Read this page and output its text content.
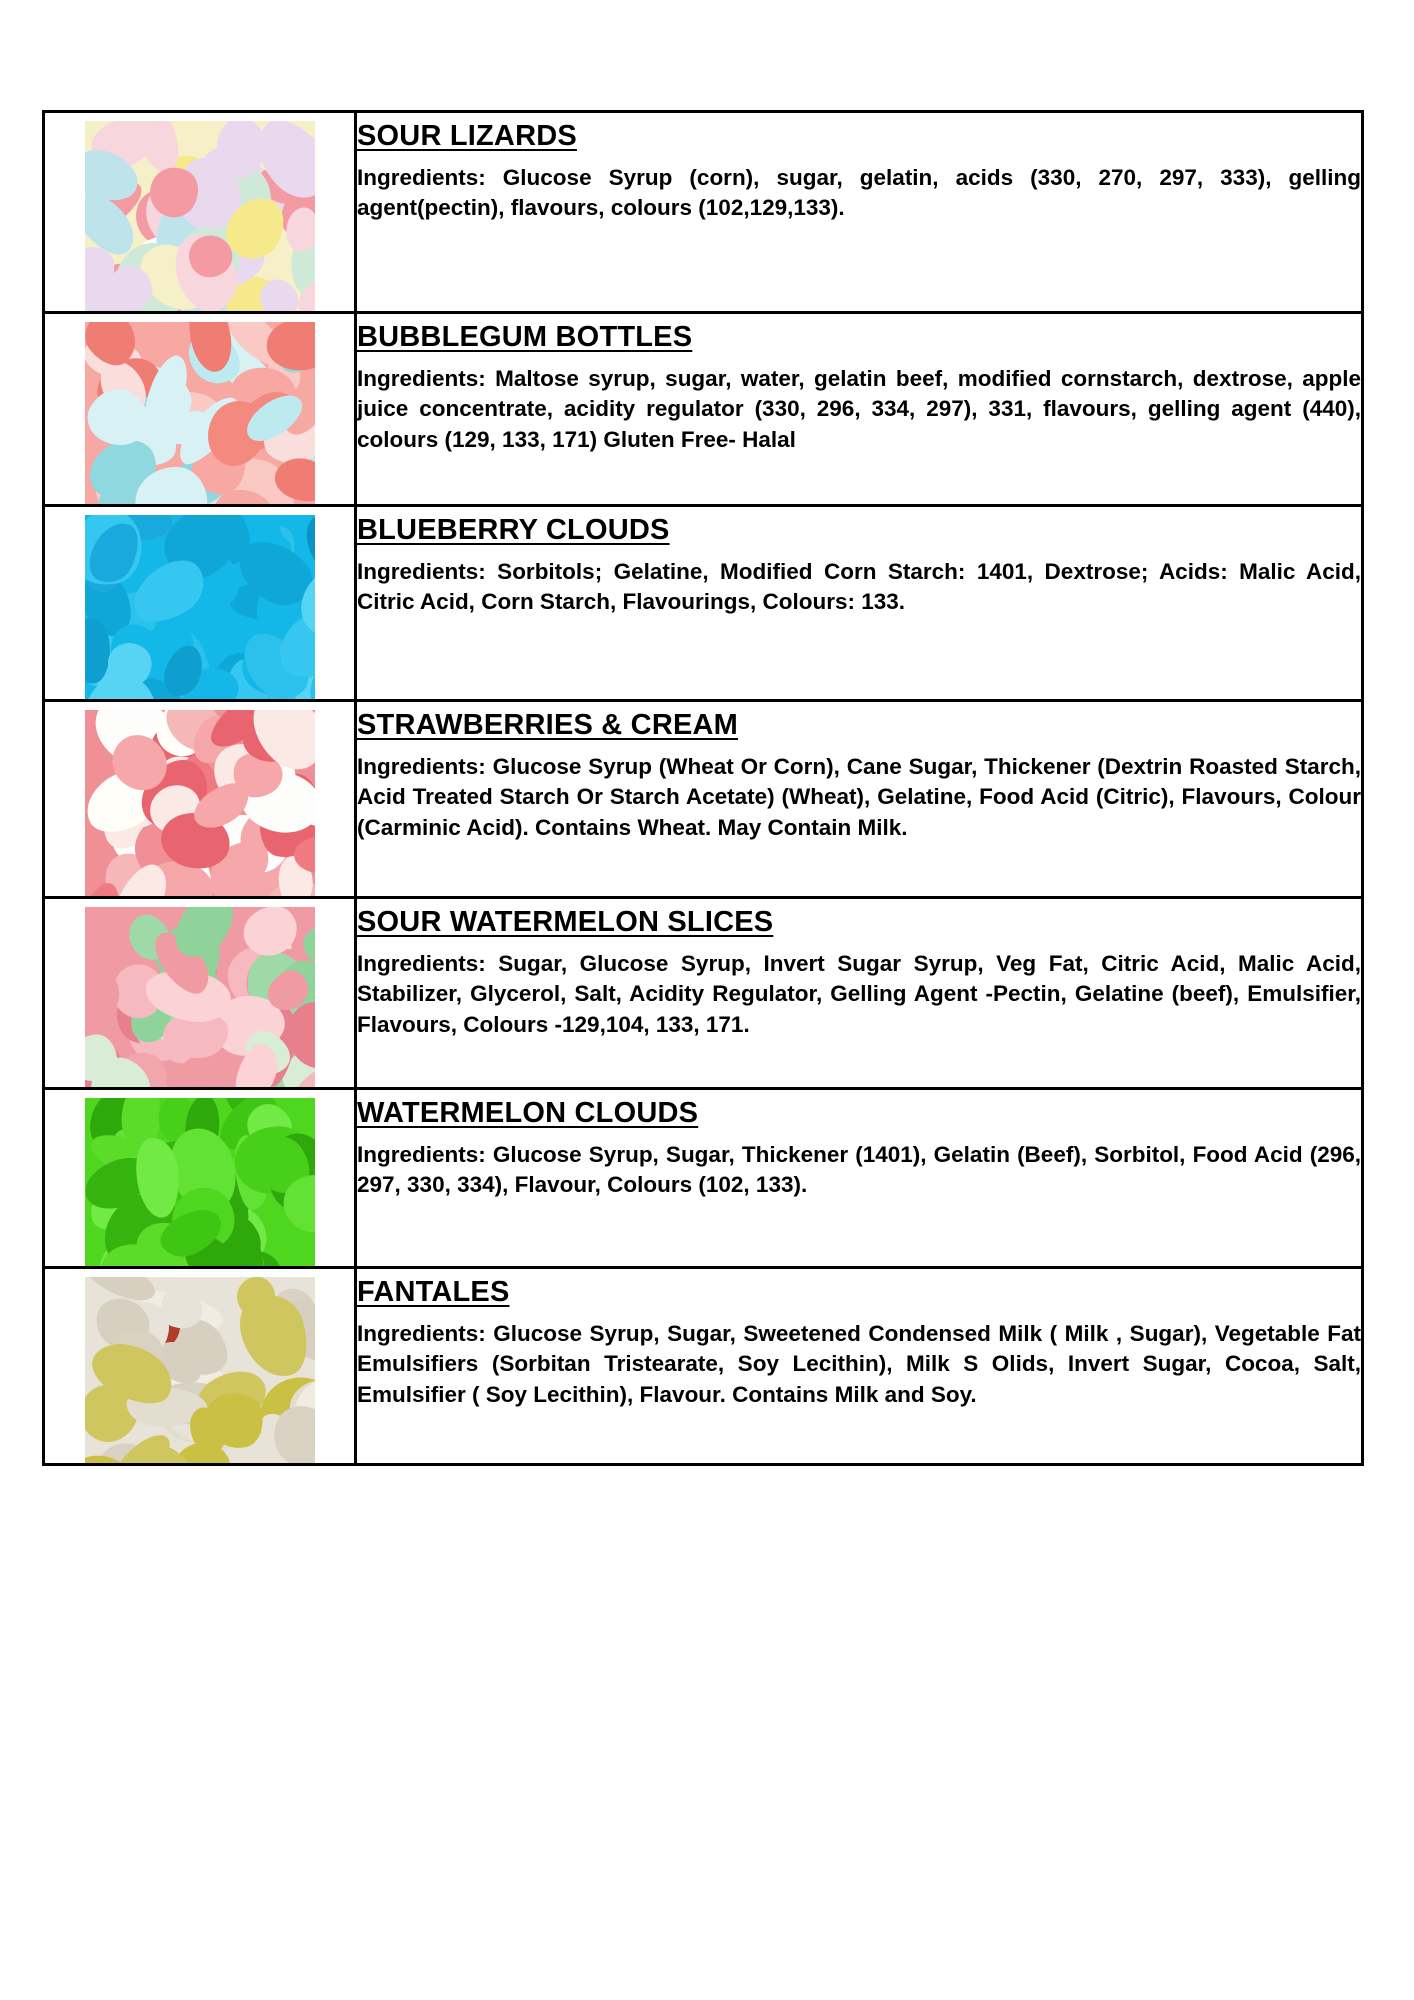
	SOUR LIZARDS

Ingredients: Glucose Syrup (corn), sugar, gelatin, acids (330, 270, 297, 333), gelling agent(pectin), flavours, colours (102,129,133).

	BUBBLEGUM BOTTLES

Ingredients: Maltose syrup, sugar, water, gelatin beef, modified cornstarch, dextrose, apple juice concentrate, acidity regulator (330, 296, 334, 297), 331, flavours, gelling agent (440), colours (129, 133, 171) Gluten Free- Halal

	BLUEBERRY CLOUDS

Ingredients: Sorbitols; Gelatine, Modified Corn Starch: 1401, Dextrose; Acids: Malic Acid, Citric Acid, Corn Starch, Flavourings, Colours: 133.

	STRAWBERRIES & CREAM

Ingredients: Glucose Syrup (Wheat Or Corn), Cane Sugar, Thickener (Dextrin Roasted Starch, Acid Treated Starch Or Starch Acetate) (Wheat), Gelatine, Food Acid (Citric), Flavours, Colour (Carminic Acid). Contains Wheat. May Contain Milk.

	SOUR WATERMELON SLICES

Ingredients: Sugar, Glucose Syrup, Invert Sugar Syrup, Veg Fat, Citric Acid, Malic Acid, Stabilizer, Glycerol, Salt, Acidity Regulator, Gelling Agent -Pectin, Gelatine (beef), Emulsifier, Flavours, Colours -129,104, 133, 171.

	WATERMELON CLOUDS

Ingredients: Glucose Syrup, Sugar, Thickener (1401), Gelatin (Beef), Sorbitol, Food Acid (296, 297, 330, 334), Flavour, Colours (102, 133).

	FANTALES

Ingredients: Glucose Syrup, Sugar, Sweetened Condensed Milk ( Milk , Sugar), Vegetable Fat Emulsifiers (Sorbitan Tristearate, Soy Lecithin), Milk S Olids, Invert Sugar, Cocoa, Salt, Emulsifier ( Soy Lecithin), Flavour. Contains Milk and Soy.
